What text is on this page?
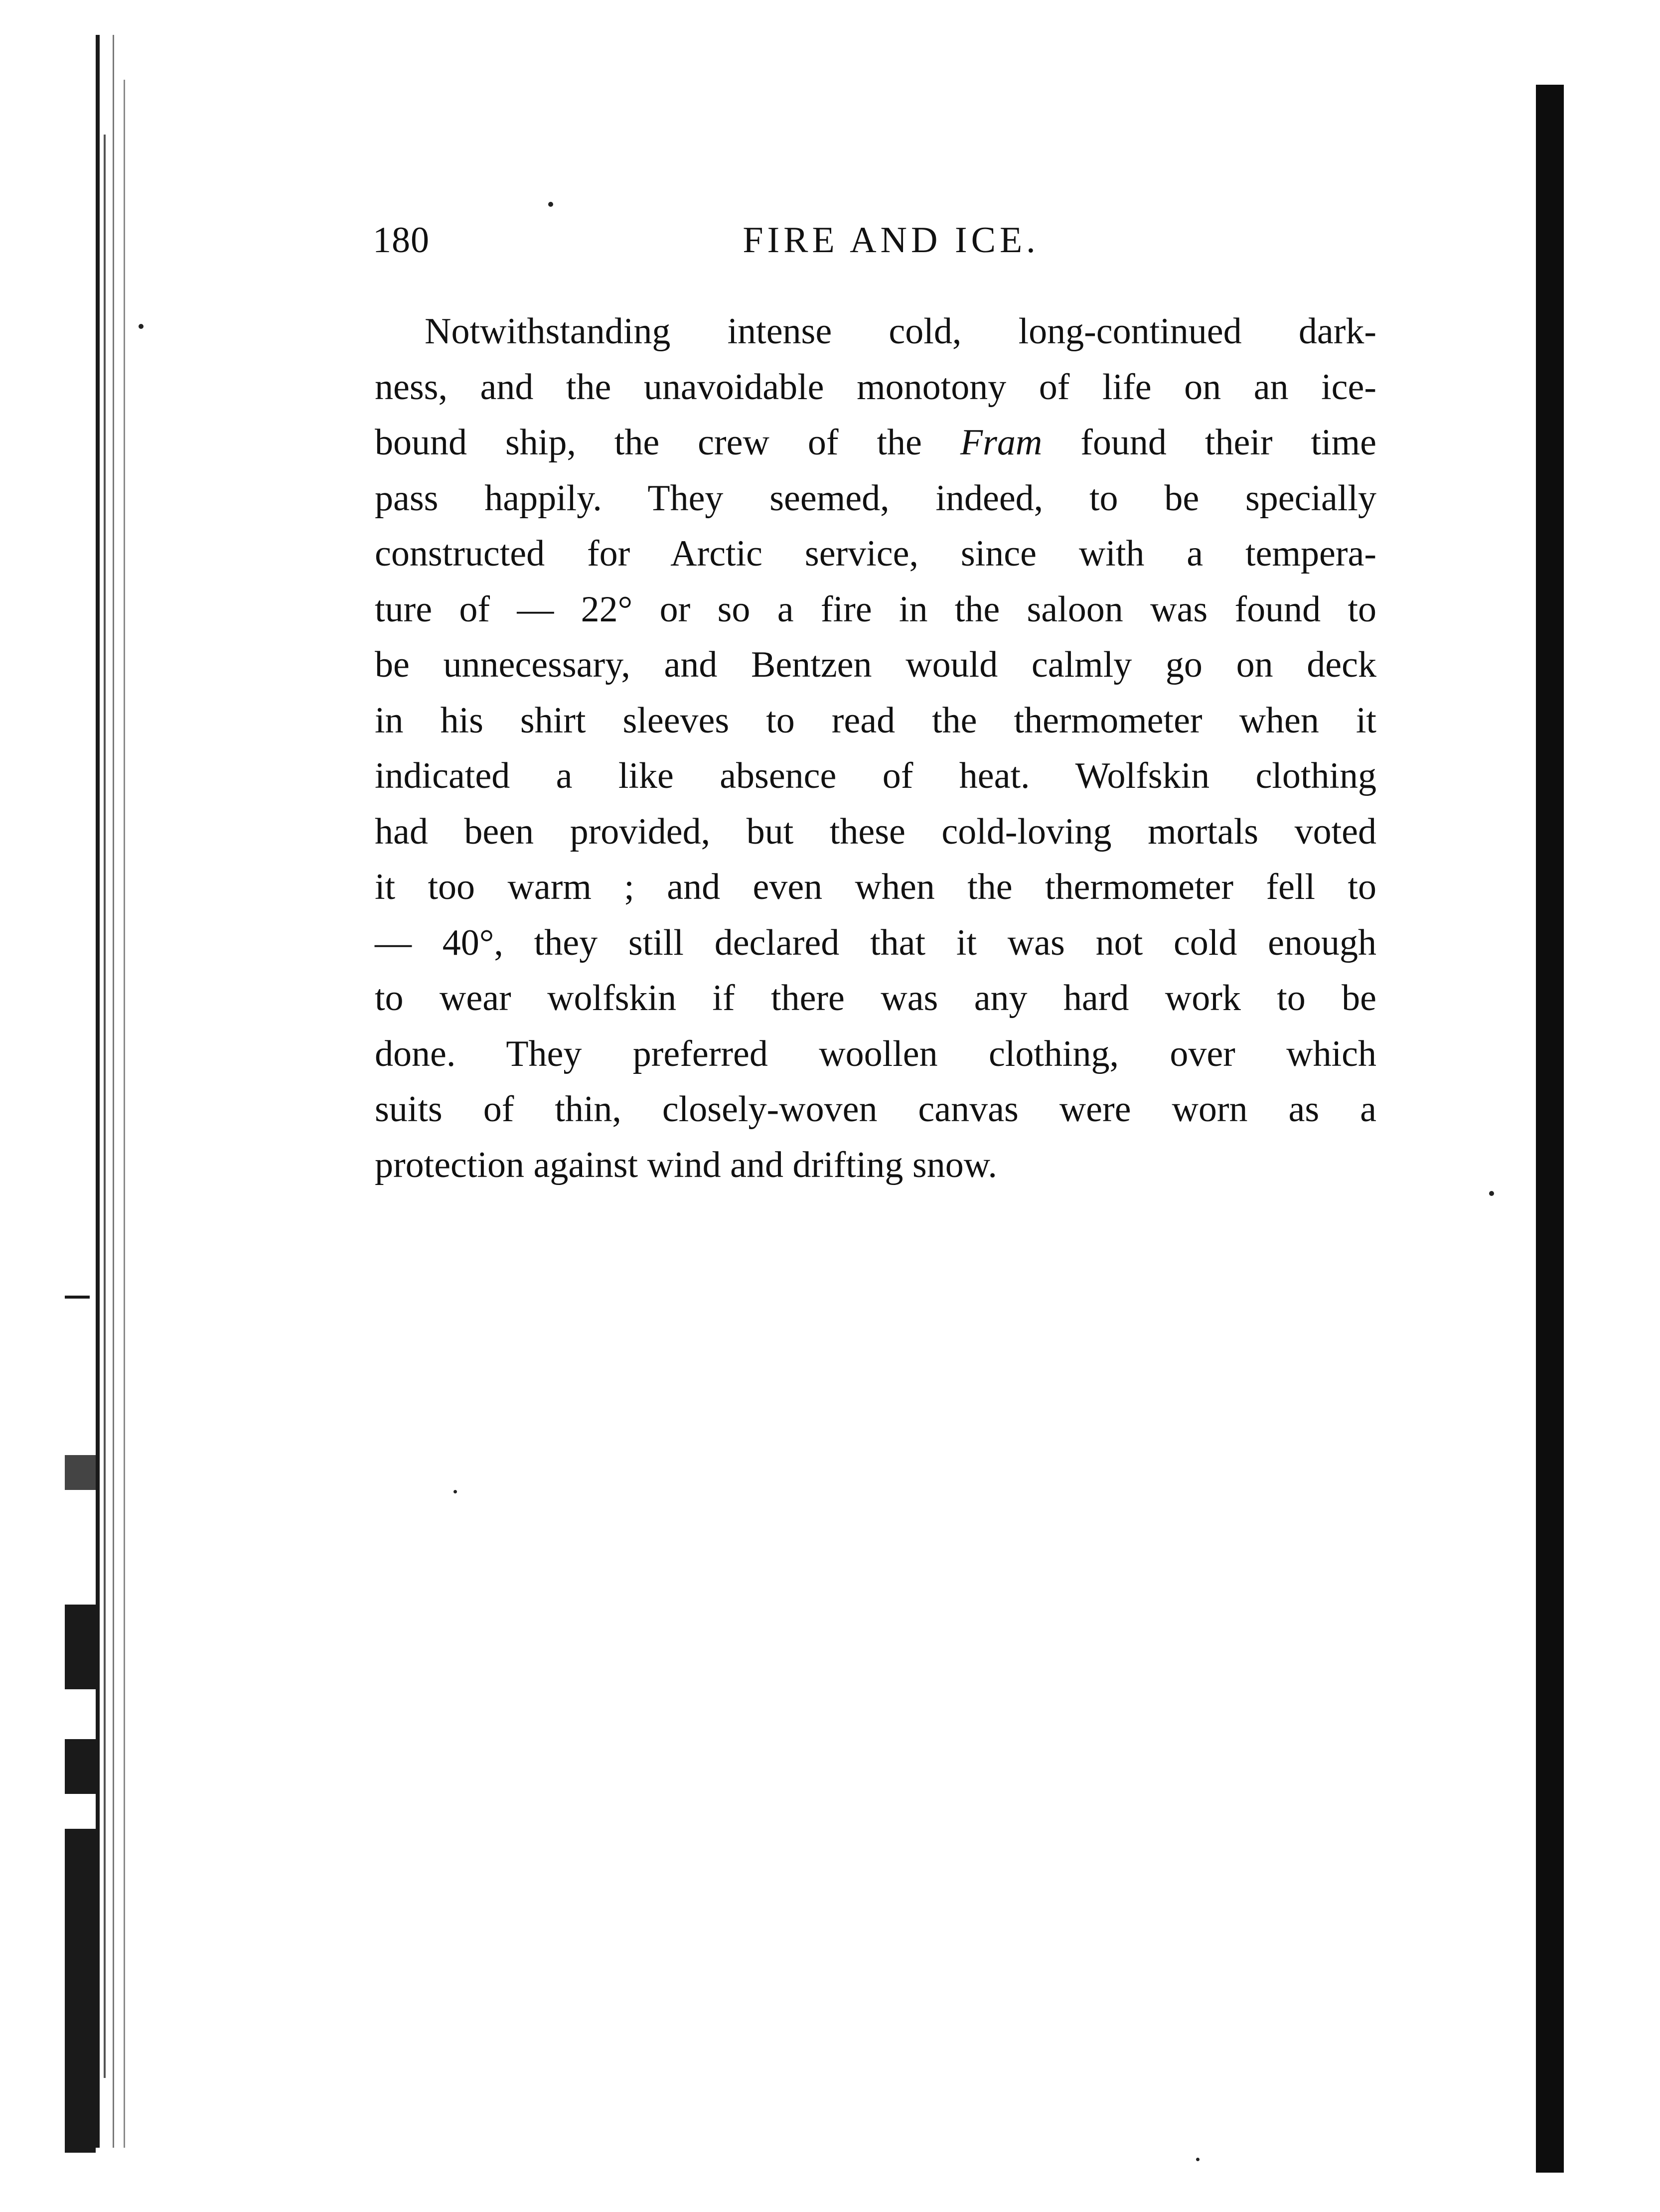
180	FIRE AND ICE.
Notwithstanding intense cold, long-continued dark-
ness, and the unavoidable monotony of life on an ice-
bound ship, the crew of the Fram found their time
pass happily. They seemed, indeed, to be specially
constructed for Arctic service, since with a tempera-
ture of — 22° or so a fire in the saloon was found to
be unnecessary, and Bentzen would calmly go on deck
in his shirt sleeves to read the thermometer when it
indicated a like absence of heat. Wolfskin clothing
had been provided, but these cold-loving mortals voted
it too warm ; and even when the thermometer fell to
— 40°, they still declared that it was not cold enough
to wear wolfskin if there was any hard work to be
done. They preferred woollen clothing, over which
suits of thin, closely-woven canvas were worn as a
protection against wind and drifting snow.
